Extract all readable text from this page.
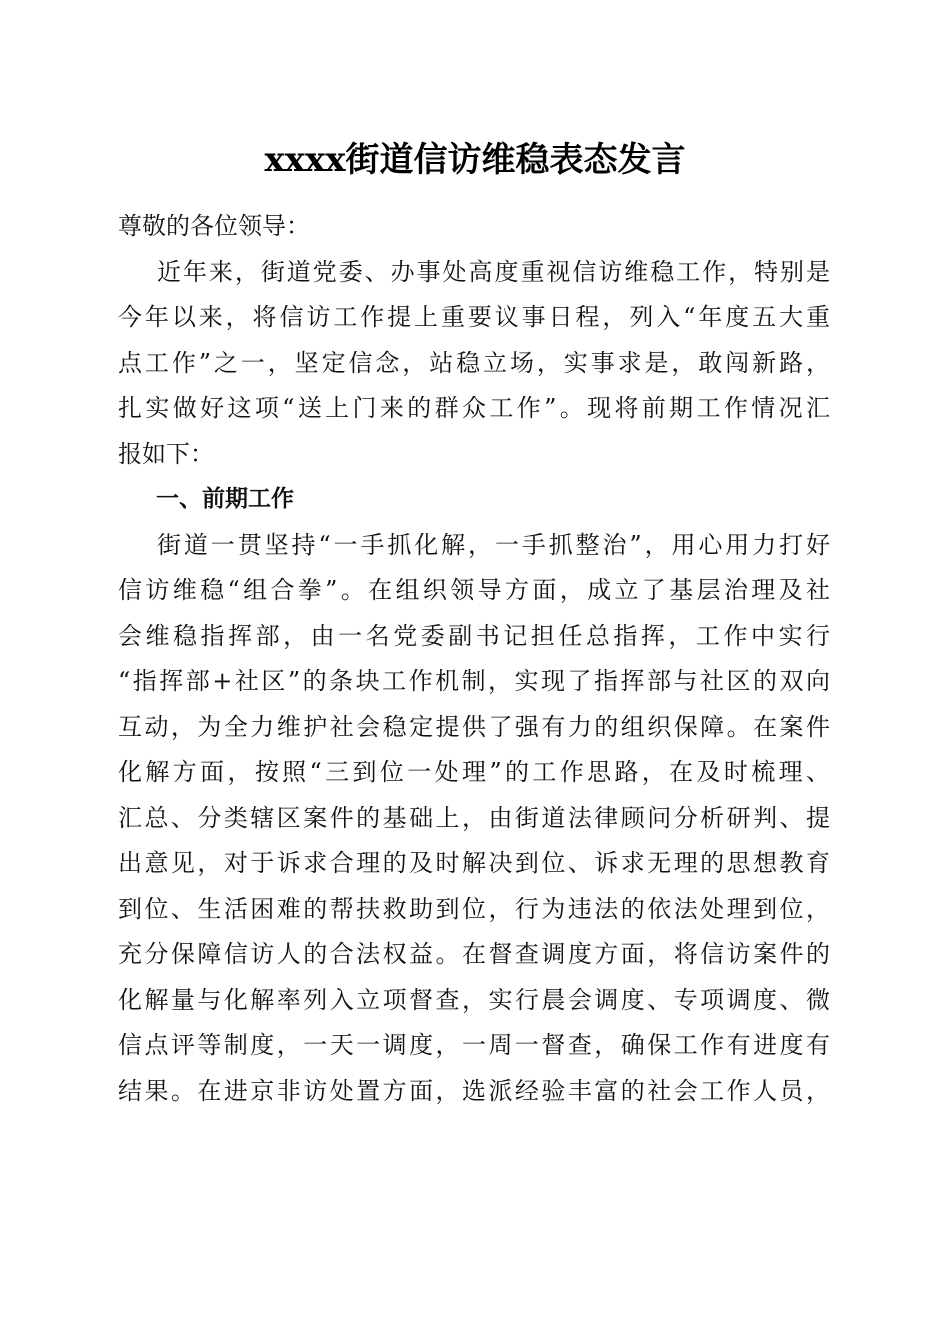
xxxx街道信访维稳表态发言
尊敬的各位领导：
近年来，街道党委、办事处高度重视信访维稳工作，特别是
今年以来，将信访工作提上重要议事日程，列入“年度五大重
点工作”之一，坚定信念，站稳立场，实事求是，敢闯新路，
扎实做好这项“送上门来的群众工作”。现将前期工作情况汇
报如下：
一、前期工作
街道一贯坚持“一手抓化解，一手抓整治”，用心用力打好
信访维稳“组合拳”。在组织领导方面，成立了基层治理及社
会维稳指挥部，由一名党委副书记担任总指挥，工作中实行
“指挥部+社区”的条块工作机制，实现了指挥部与社区的双向
互动，为全力维护社会稳定提供了强有力的组织保障。在案件
化解方面，按照“三到位一处理”的工作思路，在及时梳理、
汇总、分类辖区案件的基础上，由街道法律顾问分析研判、提
出意见，对于诉求合理的及时解决到位、诉求无理的思想教育
到位、生活困难的帮扶救助到位，行为违法的依法处理到位，
充分保障信访人的合法权益。在督查调度方面，将信访案件的
化解量与化解率列入立项督查，实行晨会调度、专项调度、微
信点评等制度，一天一调度，一周一督查，确保工作有进度有
结果。在进京非访处置方面，选派经验丰富的社会工作人员，
